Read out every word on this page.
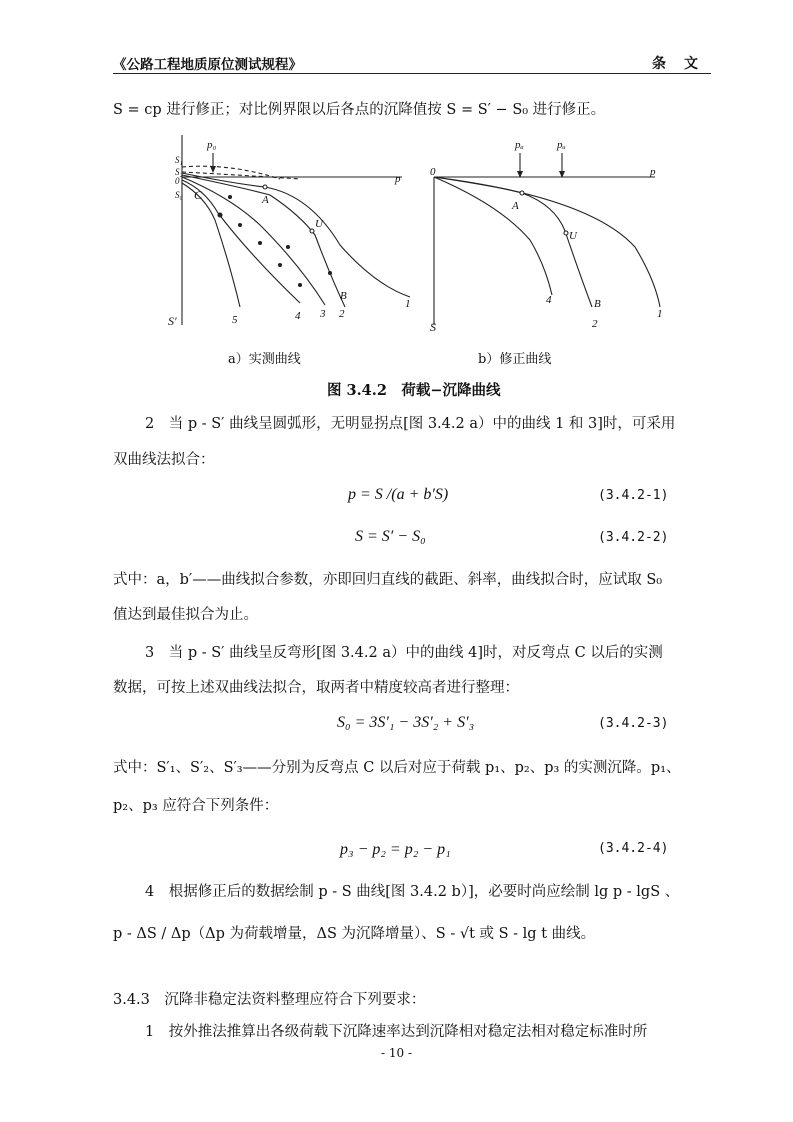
《公路工程地质原位测试规程》	条文
S = cp 进行修正；对比例界限以后各点的沉降值按 S = S′ − S₀ 进行修正。
p₀
p
S₁
S₂
0
S₀ C	A
U
B
5	4 3 2
1
S′
pₐ	pᵤ
0	p
A
U
B
4
2
1
S
a）实测曲线	b）修正曲线
图 3.4.2　荷载−沉降曲线
2　当 p - S′ 曲线呈圆弧形，无明显拐点[图 3.4.2 a）中的曲线 1 和 3]时，可采用
双曲线法拟合：
p = S /(a + b′S)	(3.4.2-1)
S = S′ − S₀	(3.4.2-2)
式中：a，b′——曲线拟合参数，亦即回归直线的截距、斜率，曲线拟合时，应试取 S₀
值达到最佳拟合为止。
3　当 p - S′ 曲线呈反弯形[图 3.4.2 a）中的曲线 4]时，对反弯点 C 以后的实测
数据，可按上述双曲线法拟合，取两者中精度较高者进行整理：
S₀ = 3S′₁ − 3S′₂ + S′₃	(3.4.2-3)
式中：S′₁、S′₂、S′₃——分别为反弯点 C 以后对应于荷载 p₁、p₂、p₃ 的实测沉降。p₁、
p₂、p₃ 应符合下列条件：
p₃ − p₂ = p₂ − p₁	(3.4.2-4)
4　根据修正后的数据绘制 p - S 曲线[图 3.4.2 b）]，必要时尚应绘制 lg p - lgS 、
p - ΔS / Δp（Δp 为荷载增量，ΔS 为沉降增量）、S - √t 或 S - lg t 曲线。
3.4.3　沉降非稳定法资料整理应符合下列要求：
1　按外推法推算出各级荷载下沉降速率达到沉降相对稳定法相对稳定标准时所
- 10 -
